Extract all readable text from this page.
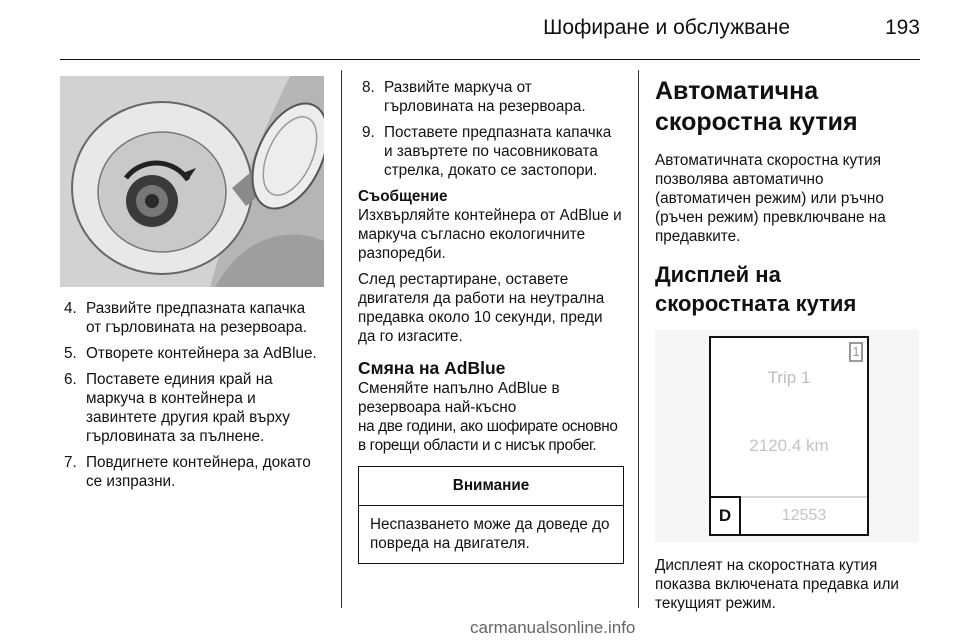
Шофиране и обслужване	193
4. Развийте предпазната капачка от гърловината на резервоара.
5. Отворете контейнера за AdBlue.
6. Поставете единия край на маркуча в контейнера и завинтете другия край върху гърловината за пълнене.
7. Повдигнете контейнера, докато се изпразни.
8. Развийте маркуча от гърловината на резервоара.
9. Поставете предпазната капачка и завъртете по часовниковата стрелка, докато се застопори.
Съобщение

Изхвърляйте контейнера от AdBlue и маркуча съгласно екологичните разпоредби.

След рестартиране, оставете двигателя да работи на неутрална предавка около 10 секунди, преди да го изгасите.

Смяна на AdBlue

Сменяйте напълно AdBlue в резервоара най-късно

на две години, ако шофирате основно в горещи области и с нисък пробег.

Внимание
Неспазването може да доведе до повреда на двигателя.
Автоматична скоростна кутия

Автоматичната скоростна кутия позволява автоматично (автоматичен режим) или ръчно (ръчен режим) превключване на предавките.

Дисплей на скоростната кутия
1
Trip 1
2120.4 km
D	12553

Дисплеят на скоростната кутия показва включената предавка или текущият режим.

carmanualsonline.info
